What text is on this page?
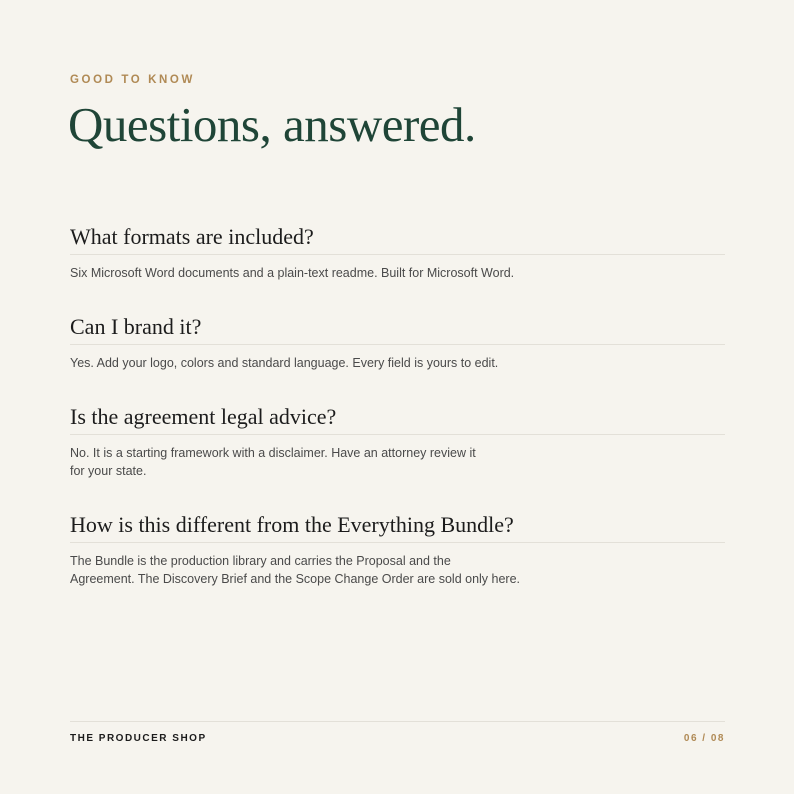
GOOD TO KNOW
Questions, answered.
What formats are included?
Six Microsoft Word documents and a plain-text readme. Built for Microsoft Word.
Can I brand it?
Yes. Add your logo, colors and standard language. Every field is yours to edit.
Is the agreement legal advice?
No. It is a starting framework with a disclaimer. Have an attorney review it
for your state.
How is this different from the Everything Bundle?
The Bundle is the production library and carries the Proposal and the
Agreement. The Discovery Brief and the Scope Change Order are sold only here.
THE PRODUCER SHOP	06 / 08
